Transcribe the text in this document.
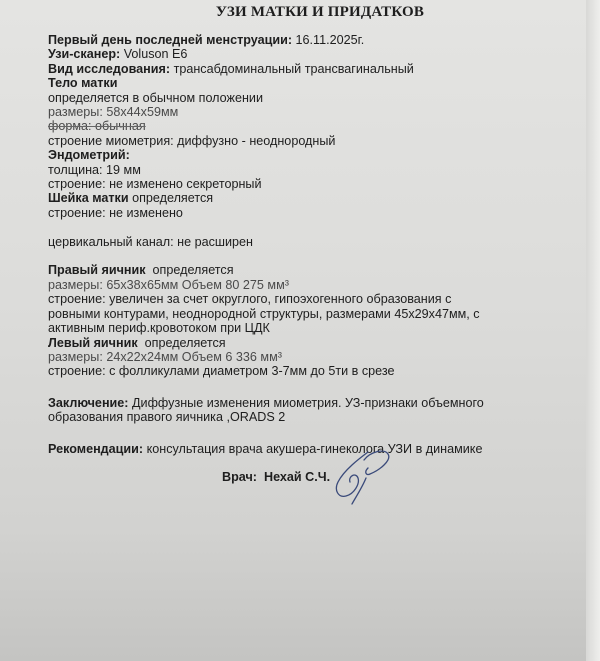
УЗИ МАТКИ И ПРИДАТКОВ
Первый день последней менструации: 16.11.2025г.
Узи-сканер: Voluson E6
Вид исследования: трансабдоминальный трансвагинальный
Тело матки
определяется в обычном положении
размеры: 58x44x59мм
форма: обычная
строение миометрия: диффузно - неоднородный
Эндометрий:
толщина: 19 мм
строение: не изменено секреторный
Шейка матки определяется
строение: не изменено
цервикальный канал: не расширен
Правый яичник определяется
размеры: 65x38x65мм Объем 80 275 мм³
строение: увеличен за счет округлого, гипоэхогенного образования с
ровными контурами, неоднородной структуры, размерами 45x29x47мм, с
активным периф.кровотоком при ЦДК
Левый яичник определяется
размеры: 24x22x24мм Объем 6 336 мм³
строение: с фолликулами диаметром 3-7мм до 5ти в срезе
Заключение: Диффузные изменения миометрия. УЗ-признаки объемного
образования правого яичника ,ORADS 2
Рекомендации: консультация врача акушера-гинеколога УЗИ в динамике
Врач: Нехай С.Ч.
